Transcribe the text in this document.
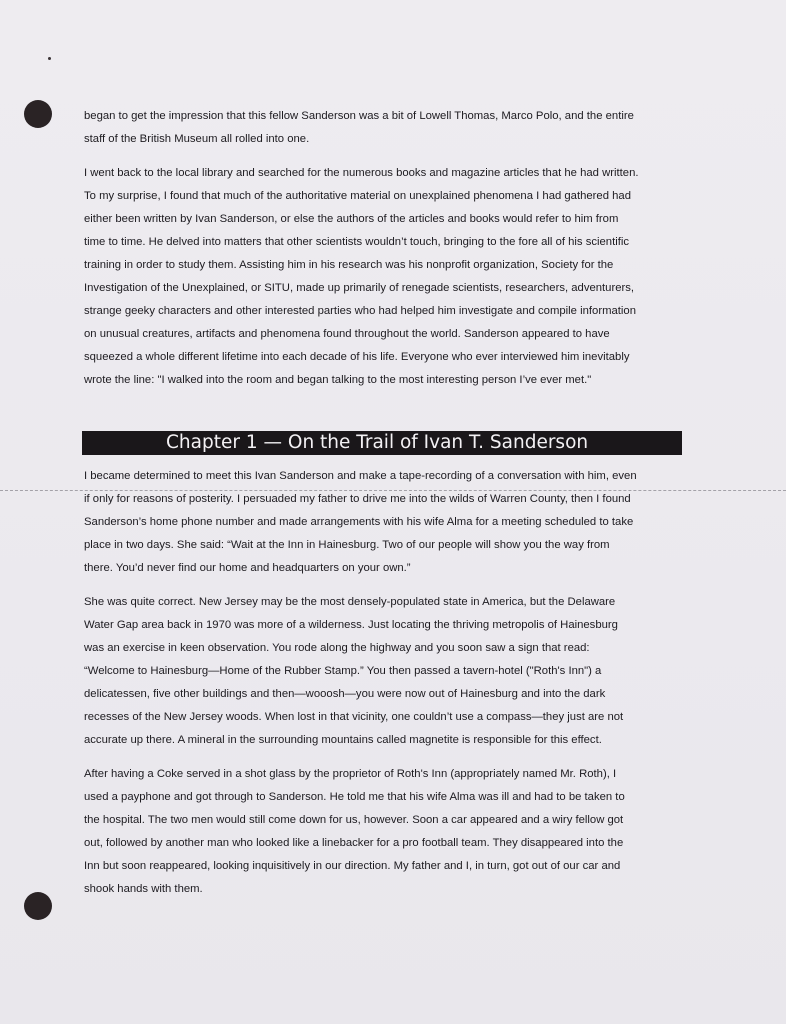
began to get the impression that this fellow Sanderson was a bit of Lowell Thomas, Marco Polo, and the entire
staff of the British Museum all rolled into one.

I went back to the local library and searched for the numerous books and magazine articles that he had written.
To my surprise, I found that much of the authoritative material on unexplained phenomena I had gathered had
either been written by Ivan Sanderson, or else the authors of the articles and books would refer to him from
time to time. He delved into matters that other scientists wouldn’t touch, bringing to the fore all of his scientific
training in order to study them. Assisting him in his research was his nonprofit organization, Society for the
Investigation of the Unexplained, or SITU, made up primarily of renegade scientists, researchers, adventurers,
strange geeky characters and other interested parties who had helped him investigate and compile information
on unusual creatures, artifacts and phenomena found throughout the world. Sanderson appeared to have
squeezed a whole different lifetime into each decade of his life. Everyone who ever interviewed him inevitably
wrote the line: "I walked into the room and began talking to the most interesting person I’ve ever met."

Chapter 1 — On the Trail of Ivan T. Sanderson

I became determined to meet this Ivan Sanderson and make a tape-recording of a conversation with him, even
if only for reasons of posterity. I persuaded my father to drive me into the wilds of Warren County, then I found
Sanderson’s home phone number and made arrangements with his wife Alma for a meeting scheduled to take
place in two days. She said: “Wait at the Inn in Hainesburg. Two of our people will show you the way from
there. You’d never find our home and headquarters on your own.”

She was quite correct. New Jersey may be the most densely-populated state in America, but the Delaware
Water Gap area back in 1970 was more of a wilderness. Just locating the thriving metropolis of Hainesburg
was an exercise in keen observation. You rode along the highway and you soon saw a sign that read:
“Welcome to Hainesburg—Home of the Rubber Stamp.” You then passed a tavern-hotel ("Roth's Inn") a
delicatessen, five other buildings and then—wooosh—you were now out of Hainesburg and into the dark
recesses of the New Jersey woods. When lost in that vicinity, one couldn’t use a compass—they just are not
accurate up there. A mineral in the surrounding mountains called magnetite is responsible for this effect.

After having a Coke served in a shot glass by the proprietor of Roth's Inn (appropriately named Mr. Roth), I
used a payphone and got through to Sanderson. He told me that his wife Alma was ill and had to be taken to
the hospital. The two men would still come down for us, however. Soon a car appeared and a wiry fellow got
out, followed by another man who looked like a linebacker for a pro football team. They disappeared into the
Inn but soon reappeared, looking inquisitively in our direction. My father and I, in turn, got out of our car and
shook hands with them.
